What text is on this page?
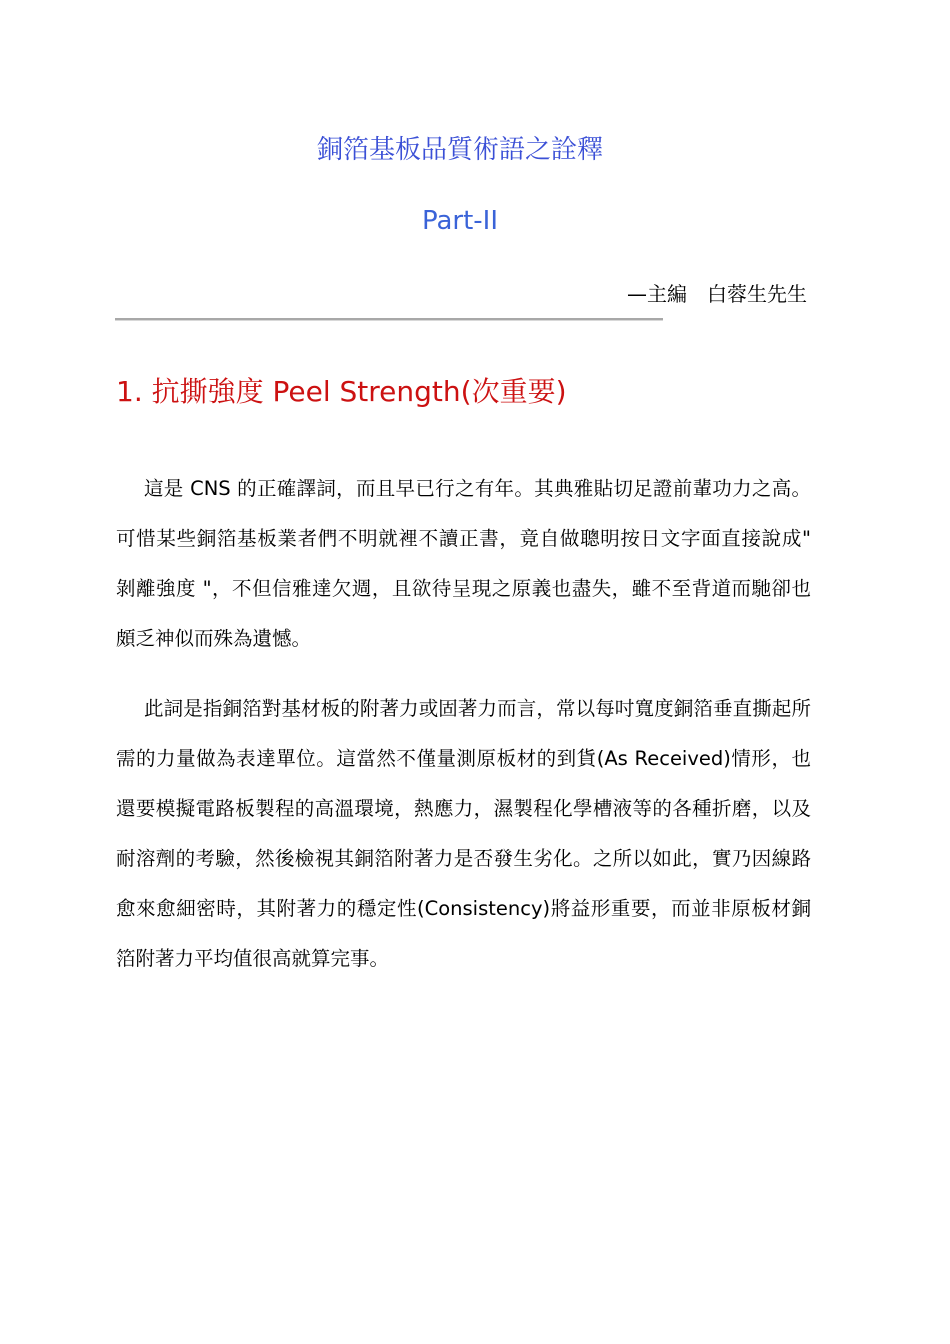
銅箔基板品質術語之詮釋
Part-II
—主編　白蓉生先生
1. 抗撕強度 Peel Strength(次重要)

這是 CNS 的正確譯詞，而且早已行之有年。其典雅貼切足證前輩功力之高。可惜某些銅箔基板業者們不明就裡不讀正書，竟自做聰明按日文字面直接說成" 剝離強度 "，不但信雅達欠週，且欲待呈現之原義也盡失，雖不至背道而馳卻也頗乏神似而殊為遺憾。

此詞是指銅箔對基材板的附著力或固著力而言，常以每吋寬度銅箔垂直撕起所需的力量做為表達單位。這當然不僅量測原板材的到貨(As Received)情形，也還要模擬電路板製程的高溫環境，熱應力，濕製程化學槽液等的各種折磨，以及耐溶劑的考驗，然後檢視其銅箔附著力是否發生劣化。之所以如此，實乃因線路愈來愈細密時，其附著力的穩定性(Consistency)將益形重要，而並非原板材銅箔附著力平均值很高就算完事。
